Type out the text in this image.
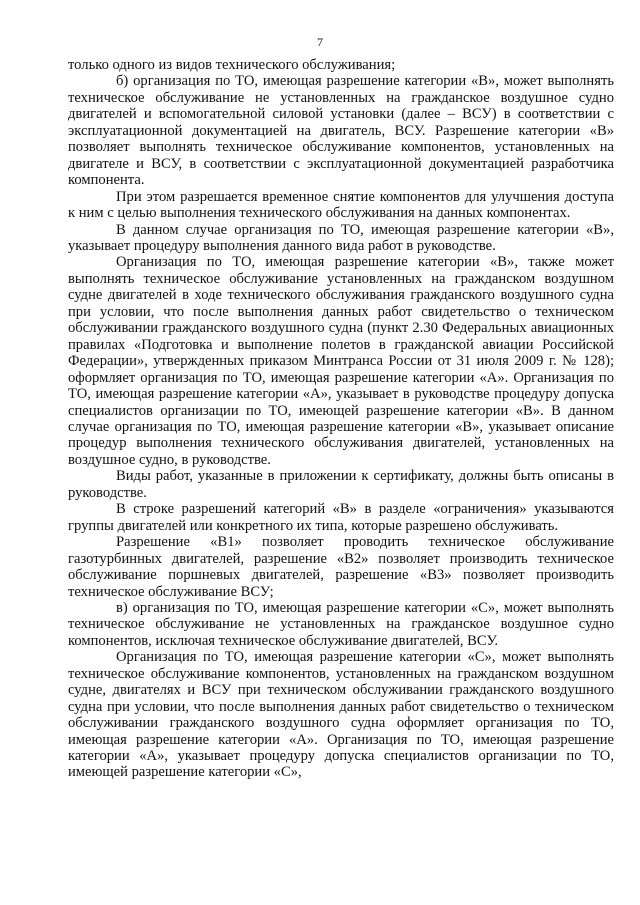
7

только одного из видов технического обслуживания;

б) организация по ТО, имеющая разрешение категории «В», может выполнять техническое обслуживание не установленных на гражданское воздушное судно двигателей и вспомогательной силовой установки (далее – ВСУ) в соответствии с эксплуатационной документацией на двигатель, ВСУ. Разрешение категории «В» позволяет выполнять техническое обслуживание компонентов, установленных на двигателе и ВСУ, в соответствии с эксплуатационной документацией разработчика компонента.

При этом разрешается временное снятие компонентов для улучшения доступа к ним с целью выполнения технического обслуживания на данных компонентах.

В данном случае организация по ТО, имеющая разрешение категории «В», указывает процедуру выполнения данного вида работ в руководстве.

Организация по ТО, имеющая разрешение категории «В», также может выполнять техническое обслуживание установленных на гражданском воздушном судне двигателей в ходе технического обслуживания гражданского воздушного судна при условии, что после выполнения данных работ свидетельство о техническом обслуживании гражданского воздушного судна (пункт 2.30 Федеральных авиационных правилах «Подготовка и выполнение полетов в гражданской авиации Российской Федерации», утвержденных приказом Минтранса России от 31 июля 2009 г. № 128); оформляет организация по ТО, имеющая разрешение категории «А». Организация по ТО, имеющая разрешение категории «А», указывает в руководстве процедуру допуска специалистов организации по ТО, имеющей разрешение категории «В». В данном случае организация по ТО, имеющая разрешение категории «В», указывает описание процедур выполнения технического обслуживания двигателей, установленных на воздушное судно, в руководстве.

Виды работ, указанные в приложении к сертификату, должны быть описаны в руководстве.

В строке разрешений категорий «В» в разделе «ограничения» указываются группы двигателей или конкретного их типа, которые разрешено обслуживать.

Разрешение «В1» позволяет проводить техническое обслуживание газотурбинных двигателей, разрешение «В2» позволяет производить техническое обслуживание поршневых двигателей, разрешение «В3» позволяет производить техническое обслуживание ВСУ;

в) организация по ТО, имеющая разрешение категории «С», может выполнять техническое обслуживание не установленных на гражданское воздушное судно компонентов, исключая техническое обслуживание двигателей, ВСУ.

Организация по ТО, имеющая разрешение категории «С», может выполнять техническое обслуживание компонентов, установленных на гражданском воздушном судне, двигателях и ВСУ при техническом обслуживании гражданского воздушного судна при условии, что после выполнения данных работ свидетельство о техническом обслуживании гражданского воздушного судна оформляет организация по ТО, имеющая разрешение категории «А». Организация по ТО, имеющая разрешение категории «А», указывает процедуру допуска специалистов организации по ТО, имеющей разрешение категории «С»,
